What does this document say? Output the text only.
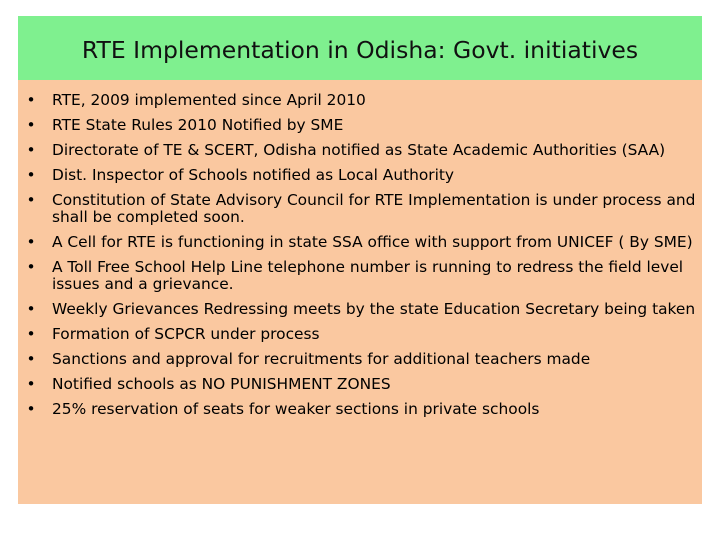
RTE Implementation in Odisha: Govt. initiatives
• RTE, 2009 implemented since April 2010
• RTE State Rules 2010 Notified by SME
• Directorate of TE & SCERT, Odisha notified as State Academic Authorities (SAA)
• Dist. Inspector of Schools notified as Local Authority
• Constitution of State Advisory Council for RTE Implementation is under process and shall be completed soon.
• A Cell for RTE is functioning in state SSA office with support from UNICEF ( By SME)
• A Toll Free School Help Line telephone number is running to redress the field level issues and a grievance.
• Weekly Grievances Redressing meets by the state Education Secretary being taken
• Formation of SCPCR under process
• Sanctions and approval for recruitments for additional teachers made
• Notified schools as NO PUNISHMENT ZONES
• 25% reservation of seats for weaker sections in private schools
